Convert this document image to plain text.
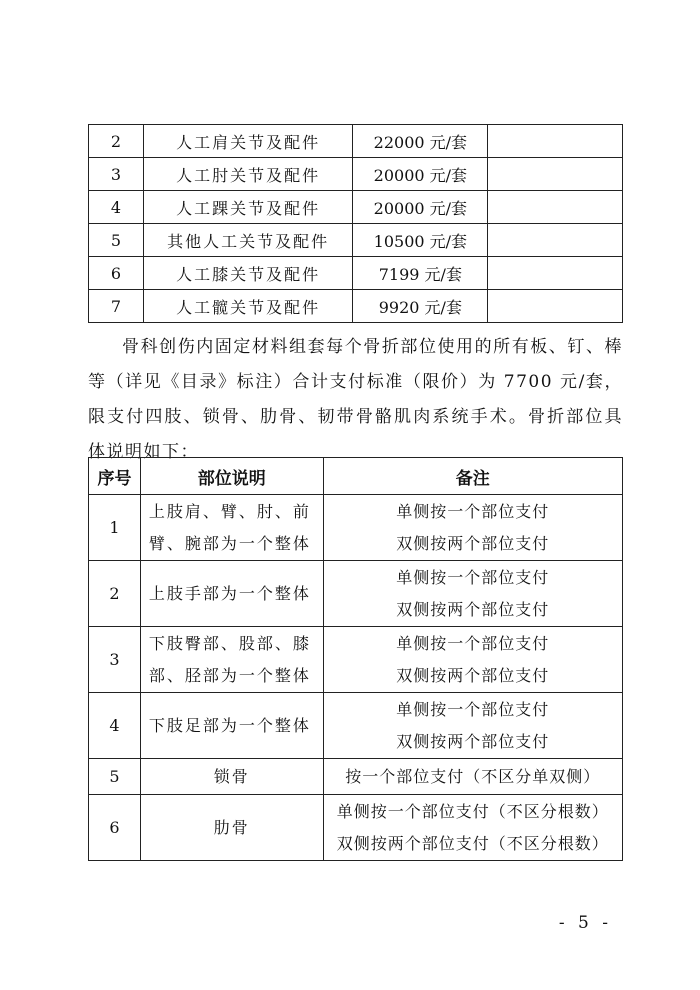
2	人工肩关节及配件	22000 元/套	
3	人工肘关节及配件	20000 元/套	
4	人工踝关节及配件	20000 元/套	
5	其他人工关节及配件	10500 元/套	
6	人工膝关节及配件	7199 元/套	
7	人工髋关节及配件	9920 元/套	

骨科创伤内固定材料组套每个骨折部位使用的所有板、钉、棒等（详见《目录》标注）合计支付标准（限价）为 7700 元/套，限支付四肢、锁骨、肋骨、韧带骨骼肌肉系统手术。骨折部位具体说明如下：

序号	部位说明	备注
1	上肢肩、臂、肘、前臂、腕部为一个整体	单侧按一个部位支付
双侧按两个部位支付

2	上肢手部为一个整体	单侧按一个部位支付
双侧按两个部位支付

3	下肢臀部、股部、膝部、胫部为一个整体	单侧按一个部位支付
双侧按两个部位支付

4	下肢足部为一个整体	单侧按一个部位支付
双侧按两个部位支付

5	锁骨	按一个部位支付（不区分单双侧）

6	肋骨	单侧按一个部位支付（不区分根数）
双侧按两个部位支付（不区分根数）
- 5 -
